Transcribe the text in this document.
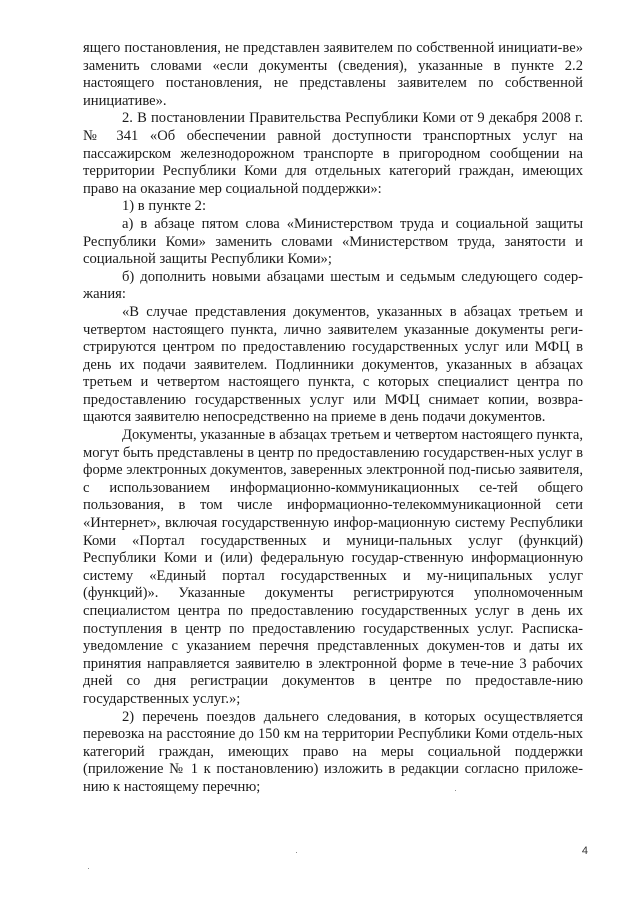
ящего постановления, не представлен заявителем по собственной инициати-ве» заменить словами «если документы (сведения), указанные в пункте 2.2 настоящего постановления, не представлены заявителем по собственной инициативе».

2. В постановлении Правительства Республики Коми от 9 декабря 2008 г. № 341 «Об обеспечении равной доступности транспортных услуг на пассажирском железнодорожном транспорте в пригородном сообщении на территории Республики Коми для отдельных категорий граждан, имеющих право на оказание мер социальной поддержки»:

1) в пункте 2:

а) в абзаце пятом слова «Министерством труда и социальной защиты Республики Коми» заменить словами «Министерством труда, занятости и социальной защиты Республики Коми»;

б) дополнить новыми абзацами шестым и седьмым следующего содер-жания:

«В случае представления документов, указанных в абзацах третьем и четвертом настоящего пункта, лично заявителем указанные документы реги-стрируются центром по предоставлению государственных услуг или МФЦ в день их подачи заявителем. Подлинники документов, указанных в абзацах третьем и четвертом настоящего пункта, с которых специалист центра по предоставлению государственных услуг или МФЦ снимает копии, возвра-щаются заявителю непосредственно на приеме в день подачи документов.

Документы, указанные в абзацах третьем и четвертом настоящего пункта, могут быть представлены в центр по предоставлению государствен-ных услуг в форме электронных документов, заверенных электронной под-писью заявителя, с использованием информационно-коммуникационных се-тей общего пользования, в том числе информационно-телекоммуникационной сети «Интернет», включая государственную инфор-мационную систему Республики Коми «Портал государственных и муници-пальных услуг (функций) Республики Коми и (или) федеральную государ-ственную информационную систему «Единый портал государственных и му-ниципальных услуг (функций)». Указанные документы регистрируются уполномоченным специалистом центра по предоставлению государственных услуг в день их поступления в центр по предоставлению государственных услуг. Расписка-уведомление с указанием перечня представленных докумен-тов и даты их принятия направляется заявителю в электронной форме в тече-ние 3 рабочих дней со дня регистрации документов в центре по предоставле-нию государственных услуг.»;

2) перечень поездов дальнего следования, в которых осуществляется перевозка на расстояние до 150 км на территории Республики Коми отдель-ных категорий граждан, имеющих право на меры социальной поддержки (приложение № 1 к постановлению) изложить в редакции согласно приложе-нию к настоящему перечню;

4
